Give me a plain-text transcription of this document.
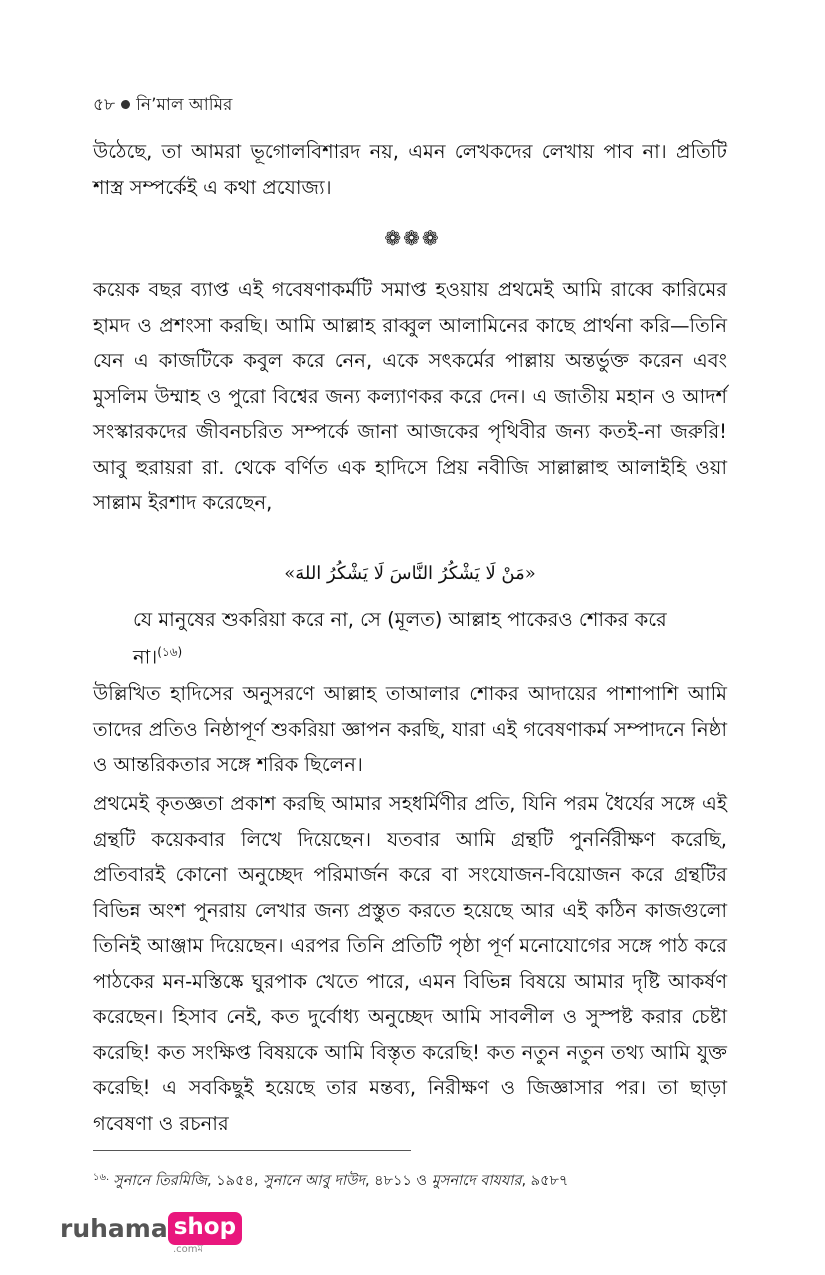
৫৮ নিʼমাল আমির
উঠেছে, তা আমরা ভূগোলবিশারদ নয়, এমন লেখকদের লেখায় পাব না। প্রতিটি শাস্ত্র সম্পর্কেই এ কথা প্রযোজ্য।
❁❁❁
কয়েক বছর ব্যাপ্ত এই গবেষণাকর্মটি সমাপ্ত হওয়ায় প্রথমেই আমি রাব্বে কারিমের হামদ ও প্রশংসা করছি। আমি আল্লাহ রাব্বুল আলামিনের কাছে প্রার্থনা করি—তিনি যেন এ কাজটিকে কবুল করে নেন, একে সৎকর্মের পাল্লায় অন্তর্ভুক্ত করেন এবং মুসলিম উম্মাহ ও পুরো বিশ্বের জন্য কল্যাণকর করে দেন। এ জাতীয় মহান ও আদর্শ সংস্কারকদের জীবনচরিত সম্পর্কে জানা আজকের পৃথিবীর জন্য কতই-না জরুরি! আবু হুরায়রা রা. থেকে বর্ণিত এক হাদিসে প্রিয় নবীজি সাল্লাল্লাহু আলাইহি ওয়া সাল্লাম ইরশাদ করেছেন,
«مَنْ لَا يَشْكُرُ النَّاسَ لَا يَشْكُرُ اللهَ»
যে মানুষের শুকরিয়া করে না, সে (মূলত) আল্লাহ পাকেরও শোকর করে না।$^{(১৬)}$
উল্লিখিত হাদিসের অনুসরণে আল্লাহ তাআলার শোকর আদায়ের পাশাপাশি আমি তাদের প্রতিও নিষ্ঠাপূর্ণ শুকরিয়া জ্ঞাপন করছি, যারা এই গবেষণাকর্ম সম্পাদনে নিষ্ঠা ও আন্তরিকতার সঙ্গে শরিক ছিলেন।
প্রথমেই কৃতজ্ঞতা প্রকাশ করছি আমার সহধর্মিণীর প্রতি, যিনি পরম ধৈর্যের সঙ্গে এই গ্রন্থটি কয়েকবার লিখে দিয়েছেন। যতবার আমি গ্রন্থটি পুনর্নিরীক্ষণ করেছি, প্রতিবারই কোনো অনুচ্ছেদ পরিমার্জন করে বা সংযোজন-বিয়োজন করে গ্রন্থটির বিভিন্ন অংশ পুনরায় লেখার জন্য প্রস্তুত করতে হয়েছে আর এই কঠিন কাজগুলো তিনিই আঞ্জাম দিয়েছেন। এরপর তিনি প্রতিটি পৃষ্ঠা পূর্ণ মনোযোগের সঙ্গে পাঠ করে পাঠকের মন-মস্তিষ্কে ঘুরপাক খেতে পারে, এমন বিভিন্ন বিষয়ে আমার দৃষ্টি আকর্ষণ করেছেন। হিসাব নেই, কত দুর্বোধ্য অনুচ্ছেদ আমি সাবলীল ও সুস্পষ্ট করার চেষ্টা করেছি! কত সংক্ষিপ্ত বিষয়কে আমি বিস্তৃত করেছি! কত নতুন নতুন তথ্য আমি যুক্ত করেছি! এ সবকিছুই হয়েছে তার মন্তব্য, নিরীক্ষণ ও জিজ্ঞাসার পর। তা ছাড়া গবেষণা ও রচনার
$^{১৬.}$ সুনানে তিরমিজি, ১৯৫৪, সুনানে আবু দাউদ, ৪৮১১ ও মুসনাদে বাযযার, ৯৫৮৭
ruhama shop
.comম
